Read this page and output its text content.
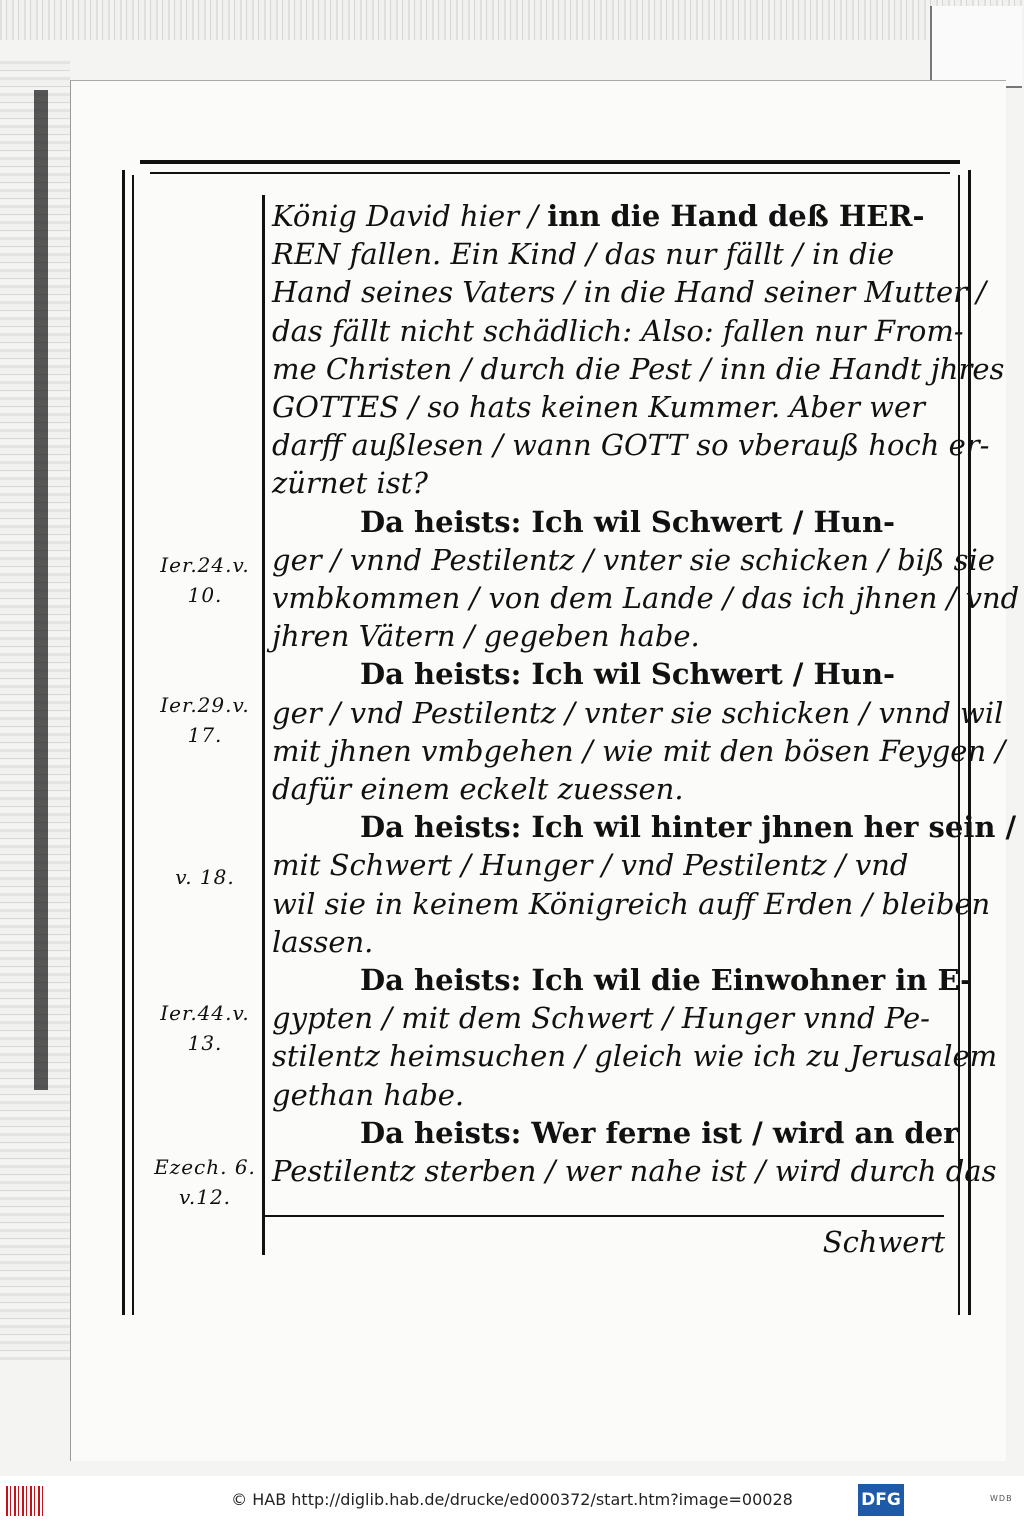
König David hier / inn die Hand deß HER-
REN fallen. Ein Kind / das nur fällt / in die
Hand seines Vaters / in die Hand seiner Mutter /
das fällt nicht schädlich: Also: fallen nur From-
me Christen / durch die Pest / inn die Handt jhres
GOTTES / so hats keinen Kummer. Aber wer
darff außlesen / wann GOTT so vberauß hoch er-
zürnet ist?
Da heists: Ich wil Schwert / Hun-
ger / vnnd Pestilentz / vnter sie schicken / biß sie
vmbkommen / von dem Lande / das ich jhnen / vnd
jhren Vätern / gegeben habe.
Da heists: Ich wil Schwert / Hun-
ger / vnd Pestilentz / vnter sie schicken / vnnd wil
mit jhnen vmbgehen / wie mit den bösen Feygen /
dafür einem eckelt zuessen.
Da heists: Ich wil hinter jhnen her sein /
mit Schwert / Hunger / vnd Pestilentz / vnd
wil sie in keinem Königreich auff Erden / bleiben
lassen.
Da heists: Ich wil die Einwohner in E-
gypten / mit dem Schwert / Hunger vnnd Pe-
stilentz heimsuchen / gleich wie ich zu Jerusalem
gethan habe.
Da heists: Wer ferne ist / wird an der
Pestilentz sterben / wer nahe ist / wird durch das
Ier.24.v.
10.
Ier.29.v.
17.
v. 18.

Ier.44.v.
13.
Ezech. 6.
v.12.
Schwert
© HAB http://diglib.hab.de/drucke/ed000372/start.htm?image=00028	DFG	WDB
